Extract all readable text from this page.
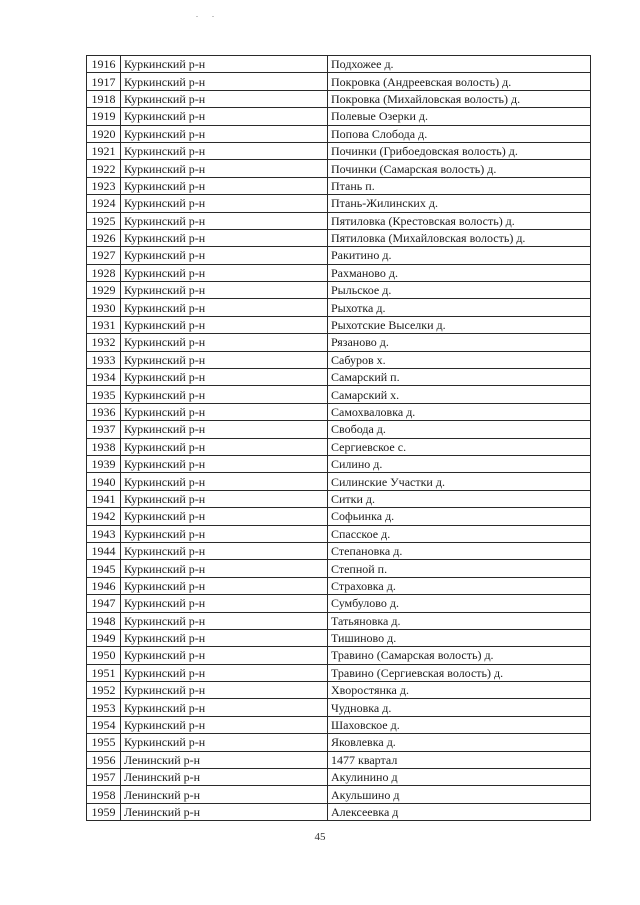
. .
1916	Куркинский р-н	Подхожее д.
1917	Куркинский р-н	Покровка (Андреевская волость) д.
1918	Куркинский р-н	Покровка (Михайловская волость) д.
1919	Куркинский р-н	Полевые Озерки д.
1920	Куркинский р-н	Попова Слобода д.
1921	Куркинский р-н	Починки (Грибоедовская волость) д.
1922	Куркинский р-н	Починки (Самарская волость) д.
1923	Куркинский р-н	Птань п.
1924	Куркинский р-н	Птань-Жилинских д.
1925	Куркинский р-н	Пятиловка (Крестовская волость) д.
1926	Куркинский р-н	Пятиловка (Михайловская волость) д.
1927	Куркинский р-н	Ракитино д.
1928	Куркинский р-н	Рахманово д.
1929	Куркинский р-н	Рыльское д.
1930	Куркинский р-н	Рыхотка д.
1931	Куркинский р-н	Рыхотские Выселки д.
1932	Куркинский р-н	Рязаново д.
1933	Куркинский р-н	Сабуров х.
1934	Куркинский р-н	Самарский п.
1935	Куркинский р-н	Самарский х.
1936	Куркинский р-н	Самохваловка д.
1937	Куркинский р-н	Свобода д.
1938	Куркинский р-н	Сергиевское с.
1939	Куркинский р-н	Силино д.
1940	Куркинский р-н	Силинские Участки д.
1941	Куркинский р-н	Ситки д.
1942	Куркинский р-н	Софьинка д.
1943	Куркинский р-н	Спасское д.
1944	Куркинский р-н	Степановка д.
1945	Куркинский р-н	Степной п.
1946	Куркинский р-н	Страховка д.
1947	Куркинский р-н	Сумбулово д.
1948	Куркинский р-н	Татьяновка д.
1949	Куркинский р-н	Тишиново д.
1950	Куркинский р-н	Травино (Самарская волость) д.
1951	Куркинский р-н	Травино (Сергиевская волость) д.
1952	Куркинский р-н	Хворостянка д.
1953	Куркинский р-н	Чудновка д.
1954	Куркинский р-н	Шаховское д.
1955	Куркинский р-н	Яковлевка д.
1956	Ленинский р-н	1477 квартал
1957	Ленинский р-н	Акулинино д
1958	Ленинский р-н	Акульшино д
1959	Ленинский р-н	Алексеевка д
45
